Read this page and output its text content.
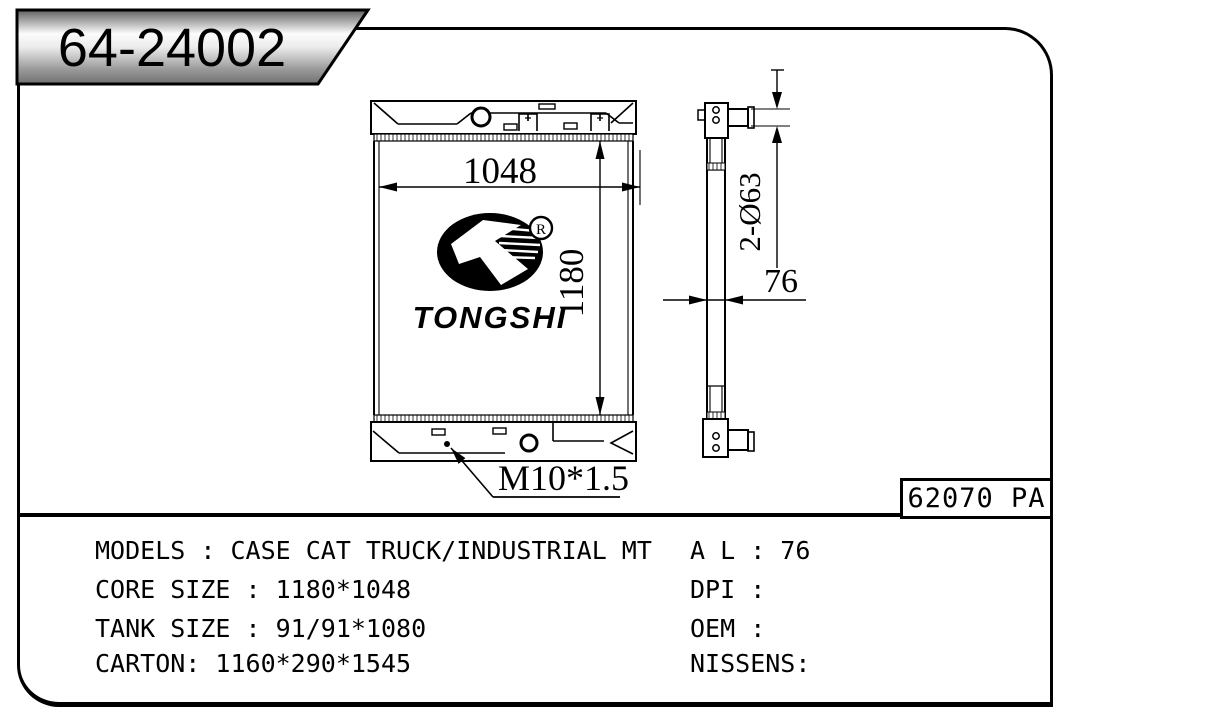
64-24002
R
TONGSHI
1048
1180
2-Ø63
76
M10*1.5
62070 PA
MODELS : CASE CAT TRUCK/INDUSTRIAL MT
CORE SIZE : 1180*1048
TANK SIZE : 91/91*1080
CARTON: 1160*290*1545
A L : 76
DPI :
OEM :
NISSENS:
